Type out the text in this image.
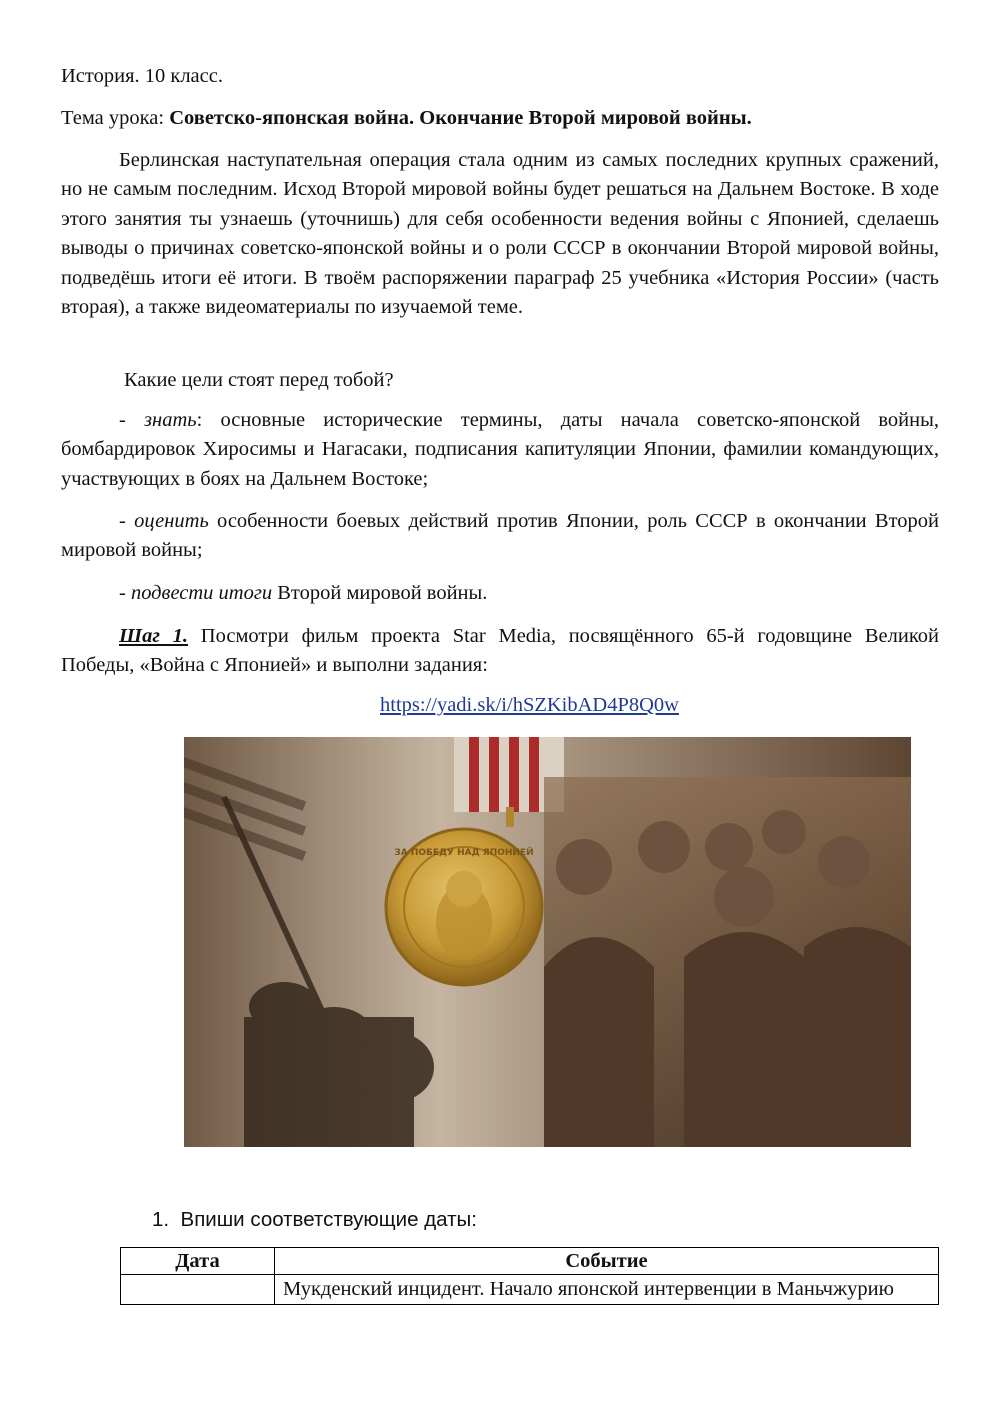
История. 10 класс.
Тема урока: Советско-японская война. Окончание Второй мировой войны.

Берлинская наступательная операция стала одним из самых последних крупных сражений, но не самым последним. Исход Второй мировой войны будет решаться на Дальнем Востоке. В ходе этого занятия ты узнаешь (уточнишь) для себя особенности ведения войны с Японией, сделаешь выводы о причинах советско-японской войны и о роли СССР в окончании Второй мировой войны, подведёшь итоги её итоги. В твоём распоряжении параграф 25 учебника «История России» (часть вторая), а также видеоматериалы по изучаемой теме.

Какие цели стоят перед тобой?

- знать: основные исторические термины, даты начала советско-японской войны, бомбардировок Хиросимы и Нагасаки, подписания капитуляции Японии, фамилии командующих, участвующих в боях на Дальнем Востоке;

- оценить особенности боевых действий против Японии, роль СССР в окончании Второй мировой войны;

- подвести итоги Второй мировой войны.

Шаг 1. Посмотри фильм проекта Star Media, посвящённого 65-й годовщине Великой Победы, «Война с Японией» и выполни задания:

https://yadi.sk/i/hSZKibAD4P8Q0w
ЗА ПОБЕДУ НАД ЯПОНИЕЙ
1. Впиши соответствующие даты:
Дата	Событие
	Мукденский инцидент. Начало японской интервенции в Маньчжурию
